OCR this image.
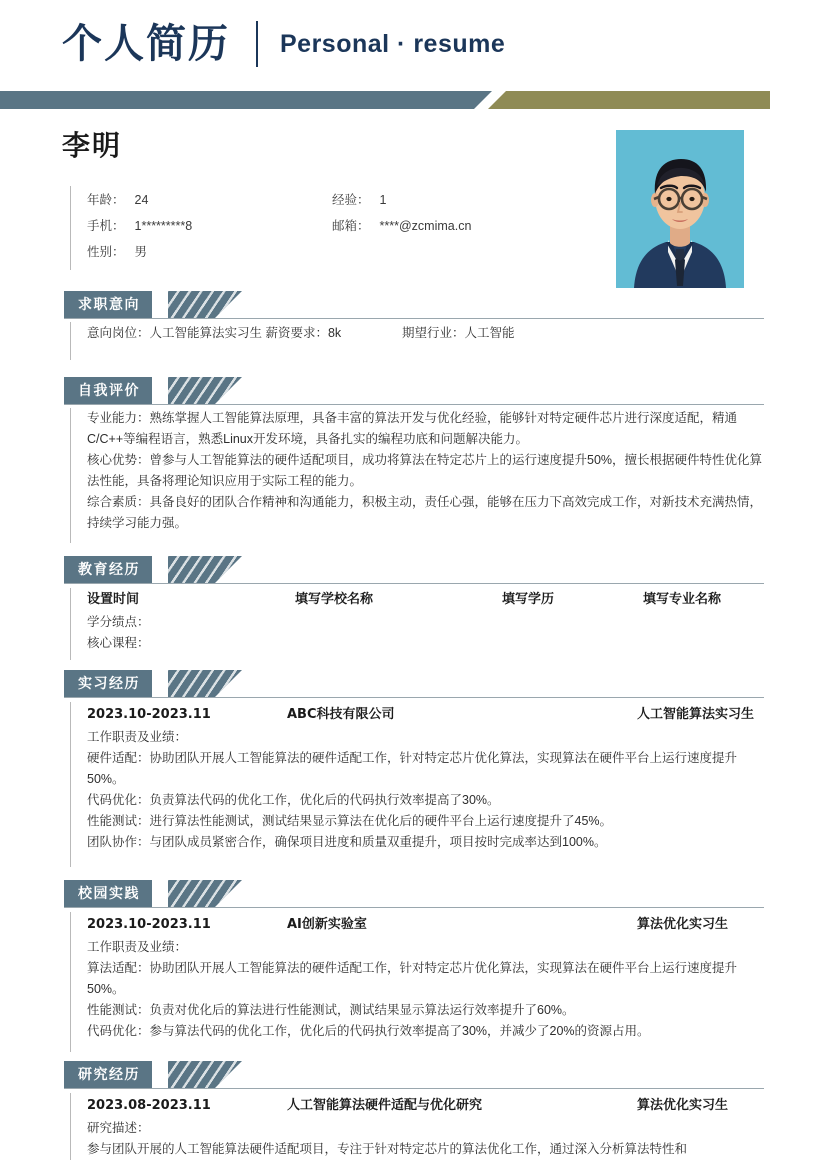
个人简历 Personal · resume
李明
年龄： 24	经验： 1
手机： 1*********8	邮箱： ****@zcmima.cn
性别： 男
求职意向
意向岗位：人工智能算法实习生 薪资要求：8k	期望行业：人工智能
自我评价
专业能力：熟练掌握人工智能算法原理，具备丰富的算法开发与优化经验，能够针对特定硬件芯片进行深度适配，精通C/C++等编程语言，熟悉Linux开发环境，具备扎实的编程功底和问题解决能力。
核心优势：曾参与人工智能算法的硬件适配项目，成功将算法在特定芯片上的运行速度提升50%，擅长根据硬件特性优化算法性能，具备将理论知识应用于实际工程的能力。
综合素质：具备良好的团队合作精神和沟通能力，积极主动，责任心强，能够在压力下高效完成工作，对新技术充满热情，持续学习能力强。
教育经历
设置时间	填写学校名称	填写学历	填写专业名称
学分绩点：
核心课程：
实习经历
2023.10-2023.11	ABC科技有限公司	人工智能算法实习生
工作职责及业绩：
硬件适配：协助团队开展人工智能算法的硬件适配工作，针对特定芯片优化算法，实现算法在硬件平台上运行速度提升50%。
代码优化：负责算法代码的优化工作，优化后的代码执行效率提高了30%。
性能测试：进行算法性能测试，测试结果显示算法在优化后的硬件平台上运行速度提升了45%。
团队协作：与团队成员紧密合作，确保项目进度和质量双重提升，项目按时完成率达到100%。
校园实践
2023.10-2023.11	AI创新实验室	算法优化实习生
工作职责及业绩：
算法适配：协助团队开展人工智能算法的硬件适配工作，针对特定芯片优化算法，实现算法在硬件平台上运行速度提升50%。
性能测试：负责对优化后的算法进行性能测试，测试结果显示算法运行效率提升了60%。
代码优化：参与算法代码的优化工作，优化后的代码执行效率提高了30%，并减少了20%的资源占用。
研究经历
2023.08-2023.11	人工智能算法硬件适配与优化研究	算法优化实习生
研究描述：
参与团队开展的人工智能算法硬件适配项目，专注于针对特定芯片的算法优化工作，通过深入分析算法特性和
